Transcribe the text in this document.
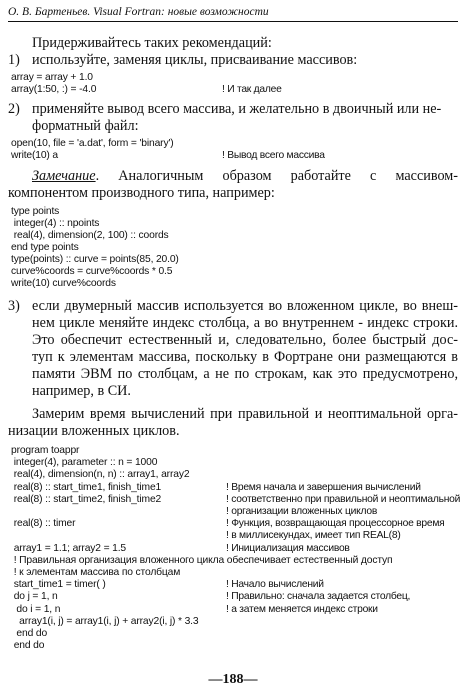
О. В. Бартеньев. Visual Fortran: новые возможности
Придерживайтесь таких рекомендаций:
1) используйте, заменяя циклы, присваивание массивов:
array = array + 1.0
array(1:50, :) = -4.0	! И так далее
2) применяйте вывод всего массива, и желательно в двоичный или не-
форматный файл:
open(10, file = 'a.dat', form = 'binary')
write(10) a	! Вывод всего массива
Замечание. Аналогичным образом работайте с массивом-
компонентом производного типа, например:
type points
integer(4) :: npoints
real(4), dimension(2, 100) :: coords
end type points
type(points) :: curve = points(85, 20.0)
curve%coords = curve%coords * 0.5
write(10) curve%coords
3) если двумерный массив используется во вложенном цикле, во внеш-
нем цикле меняйте индекс столбца, а во внутреннем - индекс строки.
Это обеспечит естественный и, следовательно, более быстрый дос-
туп к элементам массива, поскольку в Фортране они размещаются в
памяти ЭВМ по столбцам, а не по строкам, как это предусмотрено,
например, в СИ.
Замерим время вычислений при правильной и неоптимальной орга-
низации вложенных циклов.
program toappr
integer(4), parameter :: n = 1000
real(4), dimension(n, n) :: array1, array2
real(8) :: start_time1, finish_time1	! Время начала и завершения вычислений
real(8) :: start_time2, finish_time2	! соответственно при правильной и неоптимальной
! организации вложенных циклов
real(8) :: timer	! Функция, возвращающая процессорное время
! в миллисекундах, имеет тип REAL(8)
array1 = 1.1; array2 = 1.5	! Инициализация массивов
! Правильная организация вложенного цикла обеспечивает естественный доступ
! к элементам массива по столбцам
start_time1 = timer( )	! Начало вычислений
do j = 1, n	! Правильно: сначала задается столбец,
do i = 1, n	! а затем меняется индекс строки
array1(i, j) = array1(i, j) + array2(i, j) * 3.3
end do
end do
—188—
